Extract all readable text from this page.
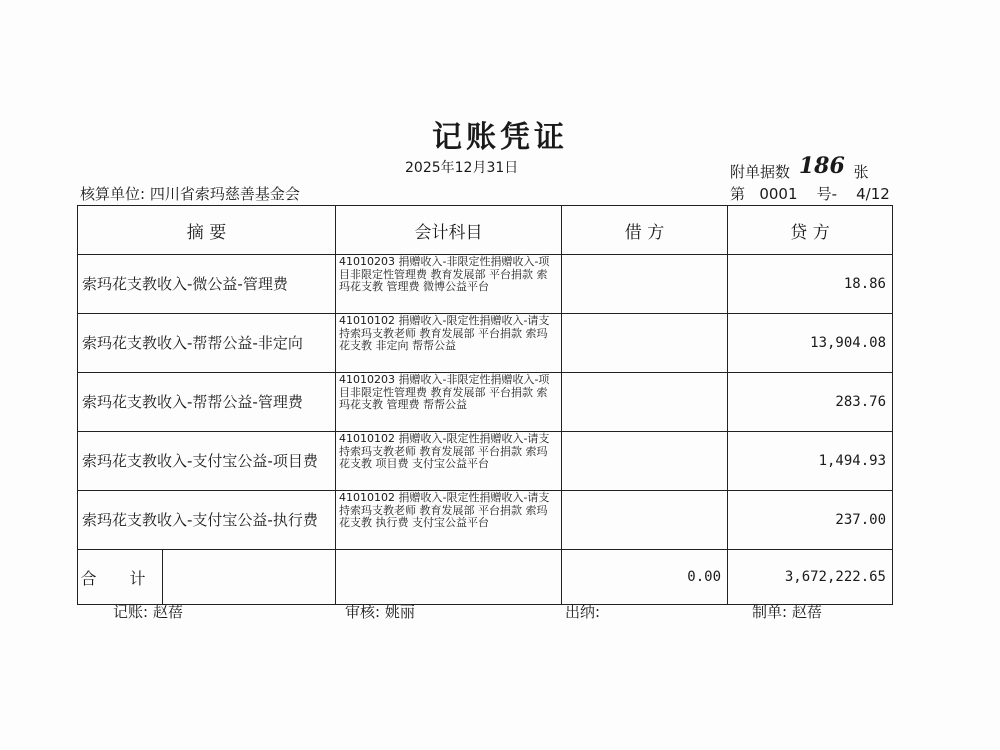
记账凭证
2025年12月31日	附单据数 186 张
核算单位: 四川省索玛慈善基金会	第 0001 号- 4/12
摘 要	会计科目	借 方	贷 方
索玛花支教收入-微公益-管理费	41010203 捐赠收入-非限定性捐赠收入-项目非限定性管理费 教育发展部 平台捐款 索玛花支教 管理费 微博公益平台		18.86
索玛花支教收入-帮帮公益-非定向	41010102 捐赠收入-限定性捐赠收入-请支持索玛支教老师 教育发展部 平台捐款 索玛花支教 非定向 帮帮公益		13,904.08
索玛花支教收入-帮帮公益-管理费	41010203 捐赠收入-非限定性捐赠收入-项目非限定性管理费 教育发展部 平台捐款 索玛花支教 管理费 帮帮公益		283.76
索玛花支教收入-支付宝公益-项目费	41010102 捐赠收入-限定性捐赠收入-请支持索玛支教老师 教育发展部 平台捐款 索玛花支教 项目费 支付宝公益平台		1,494.93
索玛花支教收入-支付宝公益-执行费	41010102 捐赠收入-限定性捐赠收入-请支持索玛支教老师 教育发展部 平台捐款 索玛花支教 执行费 支付宝公益平台		237.00

合 计		0.00	3,672,222.65
记账: 赵蓓	审核: 姚丽	出纳:	制单: 赵蓓
